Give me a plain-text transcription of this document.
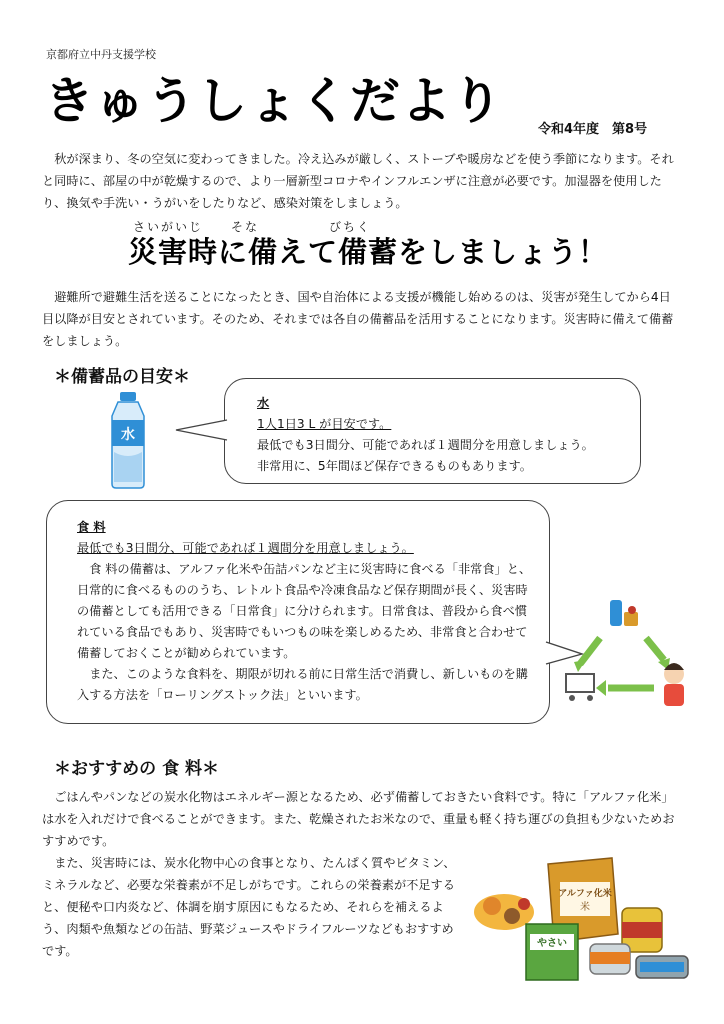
京都府立中丹支援学校
きゅうしょくだより	令和4年度　第8号
秋が深まり、冬の空気に変わってきました。冷え込みが厳しく、ストーブや暖房などを使う季節になります。それと同時に、部屋の中が乾燥するので、より一層新型コロナやインフルエンザに注意が必要です。加湿器を使用したり、換気や手洗い・うがいをしたりなど、感染対策をしましょう。
さいがいじ　　そな　　　　　びちく
災害時に備えて備蓄をしましょう！
避難所で避難生活を送ることになったとき、国や自治体による支援が機能し始めるのは、災害が発生してから4日目以降が目安とされています。そのため、それまでは各自の備蓄品を活用することになります。災害時に備えて備蓄をしましょう。
＊備蓄品の目安＊
水
水
1人1日3 L が目安です。
最低でも3日間分、可能であれば１週間分を用意しましょう。
非常用に、5年間ほど保存できるものもあります。
食 料
最低でも3日間分、可能であれば１週間分を用意しましょう。
食 料の備蓄は、アルファ化米や缶詰パンなど主に災害時に食べる「非常食」と、日常的に食べるもののうち、レトルト食品や冷凍食品など保存期間が長く、災害時の備蓄としても活用できる「日常食」に分けられます。日常食は、普段から食べ慣れている食品でもあり、災害時でもいつもの味を楽しめるため、非常食と合わせて備蓄しておくことが勧められています。
また、このような食料を、期限が切れる前に日常生活で消費し、新しいものを購入する方法を「ローリングストック法」といいます。
＊おすすめの 食 料＊
ごはんやパンなどの炭水化物はエネルギー源となるため、必ず備蓄しておきたい食料です。特に「アルファ化米」は水を入れだけで食べることができます。また、乾燥されたお米なので、重量も軽く持ち運びの負担も少ないためおすすめです。
また、災害時には、炭水化物中心の食事となり、たんぱく質やビタミン、ミネラルなど、必要な栄養素が不足しがちです。これらの栄養素が不足すると、便秘や口内炎など、体調を崩す原因にもなるため、それらを補えるよう、肉類や魚類などの缶詰、野菜ジュースやドライフルーツなどもおすすめです。
アルファ化米
米
やさい
